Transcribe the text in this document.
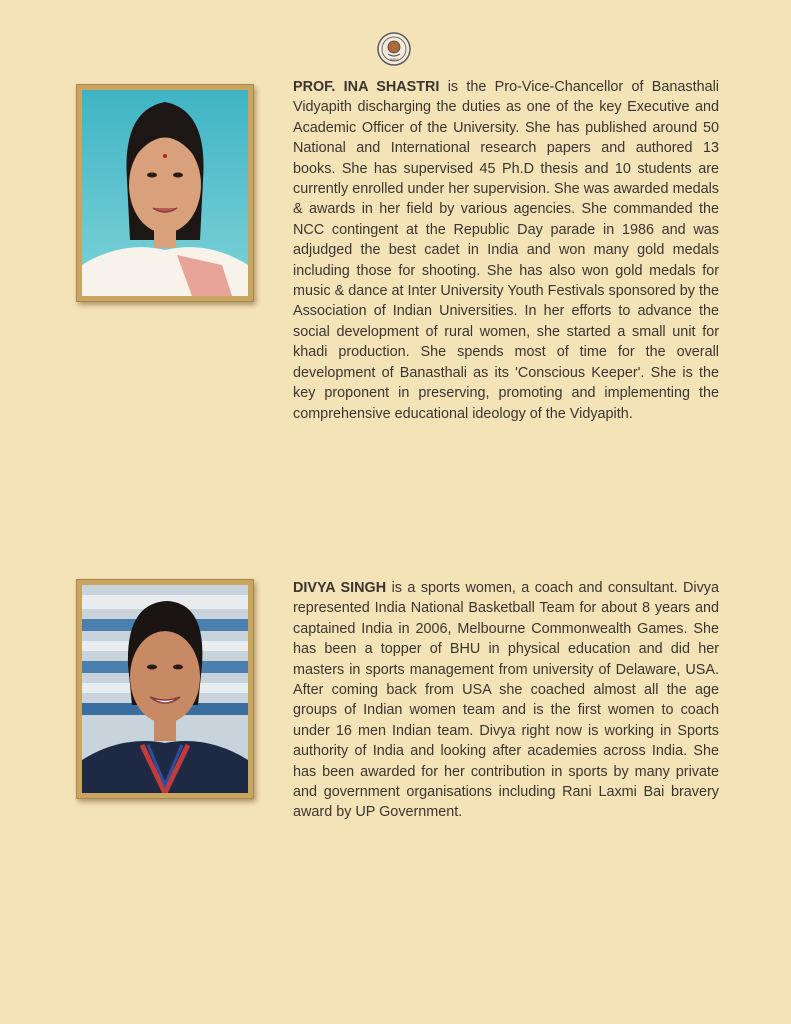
INDIA

PROF. INA SHASTRI is the Pro-Vice-Chancellor of Banasthali Vidyapith discharging the duties as one of the key Executive and Academic Officer of the University. She has published around 50 National and International research papers and authored 13 books. She has supervised 45 Ph.D thesis and 10 students are currently enrolled under her supervision. She was awarded medals & awards in her field by various agencies. She commanded the NCC contingent at the Republic Day parade in 1986 and was adjudged the best cadet in India and won many gold medals including those for shooting. She has also won gold medals for music & dance at Inter University Youth Festivals sponsored by the Association of Indian Universities. In her efforts to advance the social development of rural women, she started a small unit for khadi production. She spends most of time for the overall development of Banasthali as its 'Conscious Keeper'. She is the key proponent in preserving, promoting and implementing the comprehensive educational ideology of the Vidyapith.

DIVYA SINGH is a sports women, a coach and consultant. Divya represented India National Basketball Team for about 8 years and captained India in 2006, Melbourne Commonwealth Games. She has been a topper of BHU in physical education and did her masters in sports management from university of Delaware, USA. After coming back from USA she coached almost all the age groups of Indian women team and is the first women to coach under 16 men Indian team. Divya right now is working in Sports authority of India and looking after academies across India. She has been awarded for her contribution in sports by many private and government organisations including Rani Laxmi Bai bravery award by UP Government.
